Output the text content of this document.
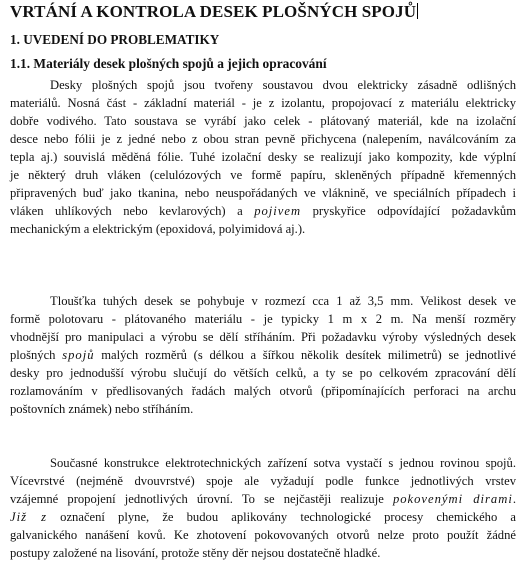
VRTÁNÍ A KONTROLA DESEK PLOŠNÝCH SPOJŮ
1. UVEDENÍ DO PROBLEMATIKY
1.1. Materiály desek plošných spojů a jejich opracování
Desky plošných spojů jsou tvořeny soustavou dvou elektricky zásadně odlišných
materiálů. Nosná část - základní materiál - je z izolantu, propojovací z materiálu elektricky
dobře vodivého. Tato soustava se vyrábí jako celek - plátovaný materiál, kde na izolační
desce nebo fólii je z jedné nebo z obou stran pevně přichycena (nalepením, naválcováním za
tepla aj.) souvislá měděná fólie. Tuhé izolační desky se realizují jako kompozity, kde výplní
je některý druh vláken (celulózových ve formě papíru, skleněných případně křemenných
připravených buď jako tkanina, nebo neuspořádaných ve vláknině, ve speciálních případech i
vláken uhlíkových nebo kevlarových) a pojivem pryskyřice odpovídající požadavkům
mechanickým a elektrickým (epoxidová, polyimidová aj.).
Tloušťka tuhých desek se pohybuje v rozmezí cca 1 až 3,5 mm. Velikost desek ve
formě polotovaru - plátovaného materiálu - je typicky 1 m x 2 m. Na menší rozměry
vhodnější pro manipulaci a výrobu se dělí stříháním. Při požadavku výroby výsledných desek
plošných spojů malých rozměrů (s délkou a šířkou několik desítek milimetrů) se jednotlivé
desky pro jednodušší výrobu slučují do větších celků, a ty se po celkovém zpracování dělí
rozlamováním v předlisovaných řadách malých otvorů (připomínajících perforaci na archu
poštovních známek) nebo stříháním.
Současné konstrukce elektrotechnických zařízení sotva vystačí s jednou rovinou spojů.
Vícevrstvé (nejméně dvouvrstvé) spoje ale vyžadují podle funkce jednotlivých vrstev
vzájemné propojení jednotlivých úrovní. To se nejčastěji realizuje pokovenými dirami.
Již z označení plyne, že budou aplikovány technologické procesy chemického a
galvanického nanášení kovů. Ke zhotovení pokovovaných otvorů nelze proto použít žádné
postupy založené na lisování, protože stěny děr nejsou dostatečně hladké.
